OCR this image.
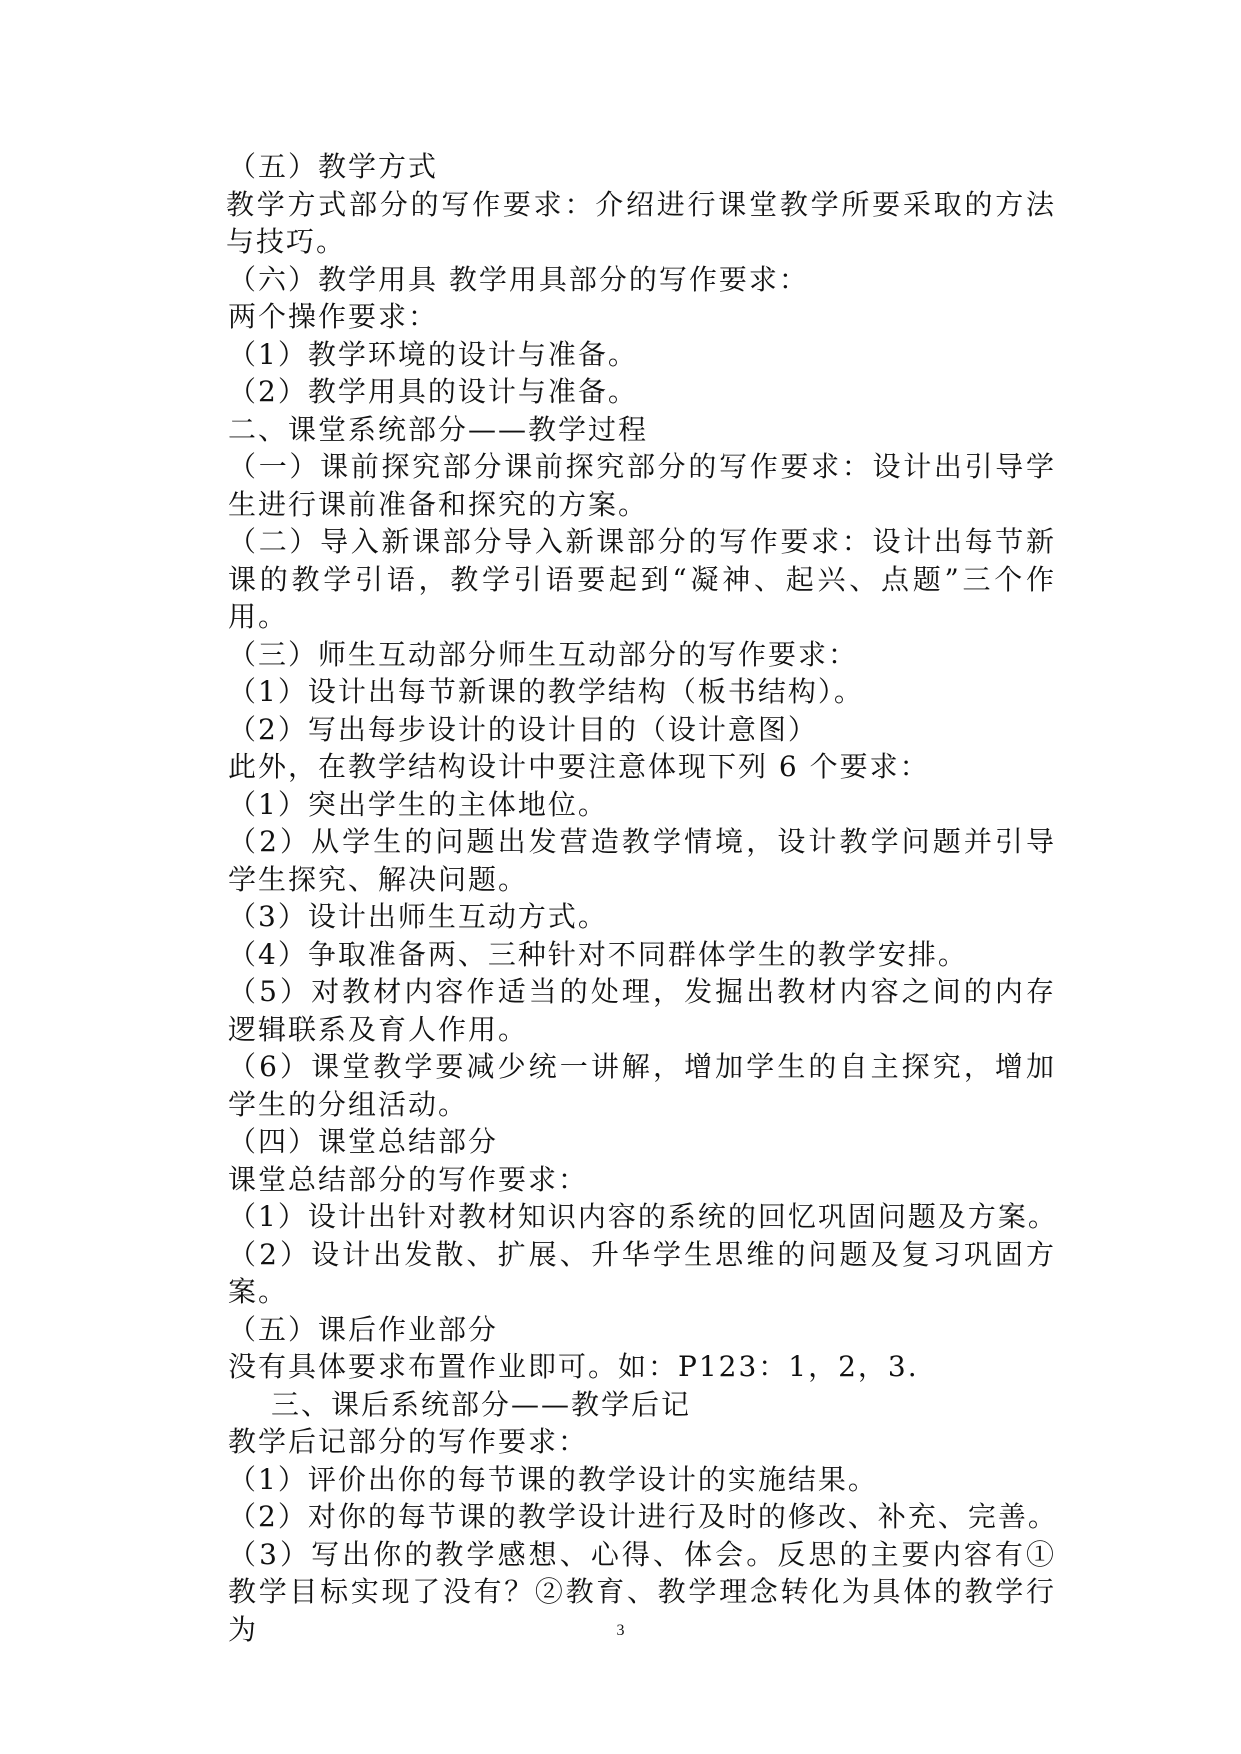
（五）教学方式

教学方式部分的写作要求：介绍进行课堂教学所要采取的方法与技巧。

（六）教学用具 教学用具部分的写作要求：

两个操作要求：

（1）教学环境的设计与准备。

（2）教学用具的设计与准备。

二、课堂系统部分——教学过程

（一）课前探究部分课前探究部分的写作要求：设计出引导学生进行课前准备和探究的方案。

（二）导入新课部分导入新课部分的写作要求：设计出每节新课的教学引语，教学引语要起到“凝神、起兴、点题”三个作用。

（三）师生互动部分师生互动部分的写作要求：

（1）设计出每节新课的教学结构（板书结构）。

（2）写出每步设计的设计目的（设计意图）

此外，在教学结构设计中要注意体现下列 6 个要求：

（1）突出学生的主体地位。

（2）从学生的问题出发营造教学情境，设计教学问题并引导学生探究、解决问题。

（3）设计出师生互动方式。

（4）争取准备两、三种针对不同群体学生的教学安排。

（5）对教材内容作适当的处理，发掘出教材内容之间的内存逻辑联系及育人作用。

（6）课堂教学要减少统一讲解，增加学生的自主探究，增加学生的分组活动。

（四）课堂总结部分

课堂总结部分的写作要求：

（1）设计出针对教材知识内容的系统的回忆巩固问题及方案。

（2）设计出发散、扩展、升华学生思维的问题及复习巩固方案。

（五）课后作业部分

没有具体要求布置作业即可。如：P123：1，2，3.

三、课后系统部分——教学后记

教学后记部分的写作要求：

（1）评价出你的每节课的教学设计的实施结果。

（2）对你的每节课的教学设计进行及时的修改、补充、完善。

（3）写出你的教学感想、心得、体会。反思的主要内容有①教学目标实现了没有？②教育、教学理念转化为具体的教学行为	3
